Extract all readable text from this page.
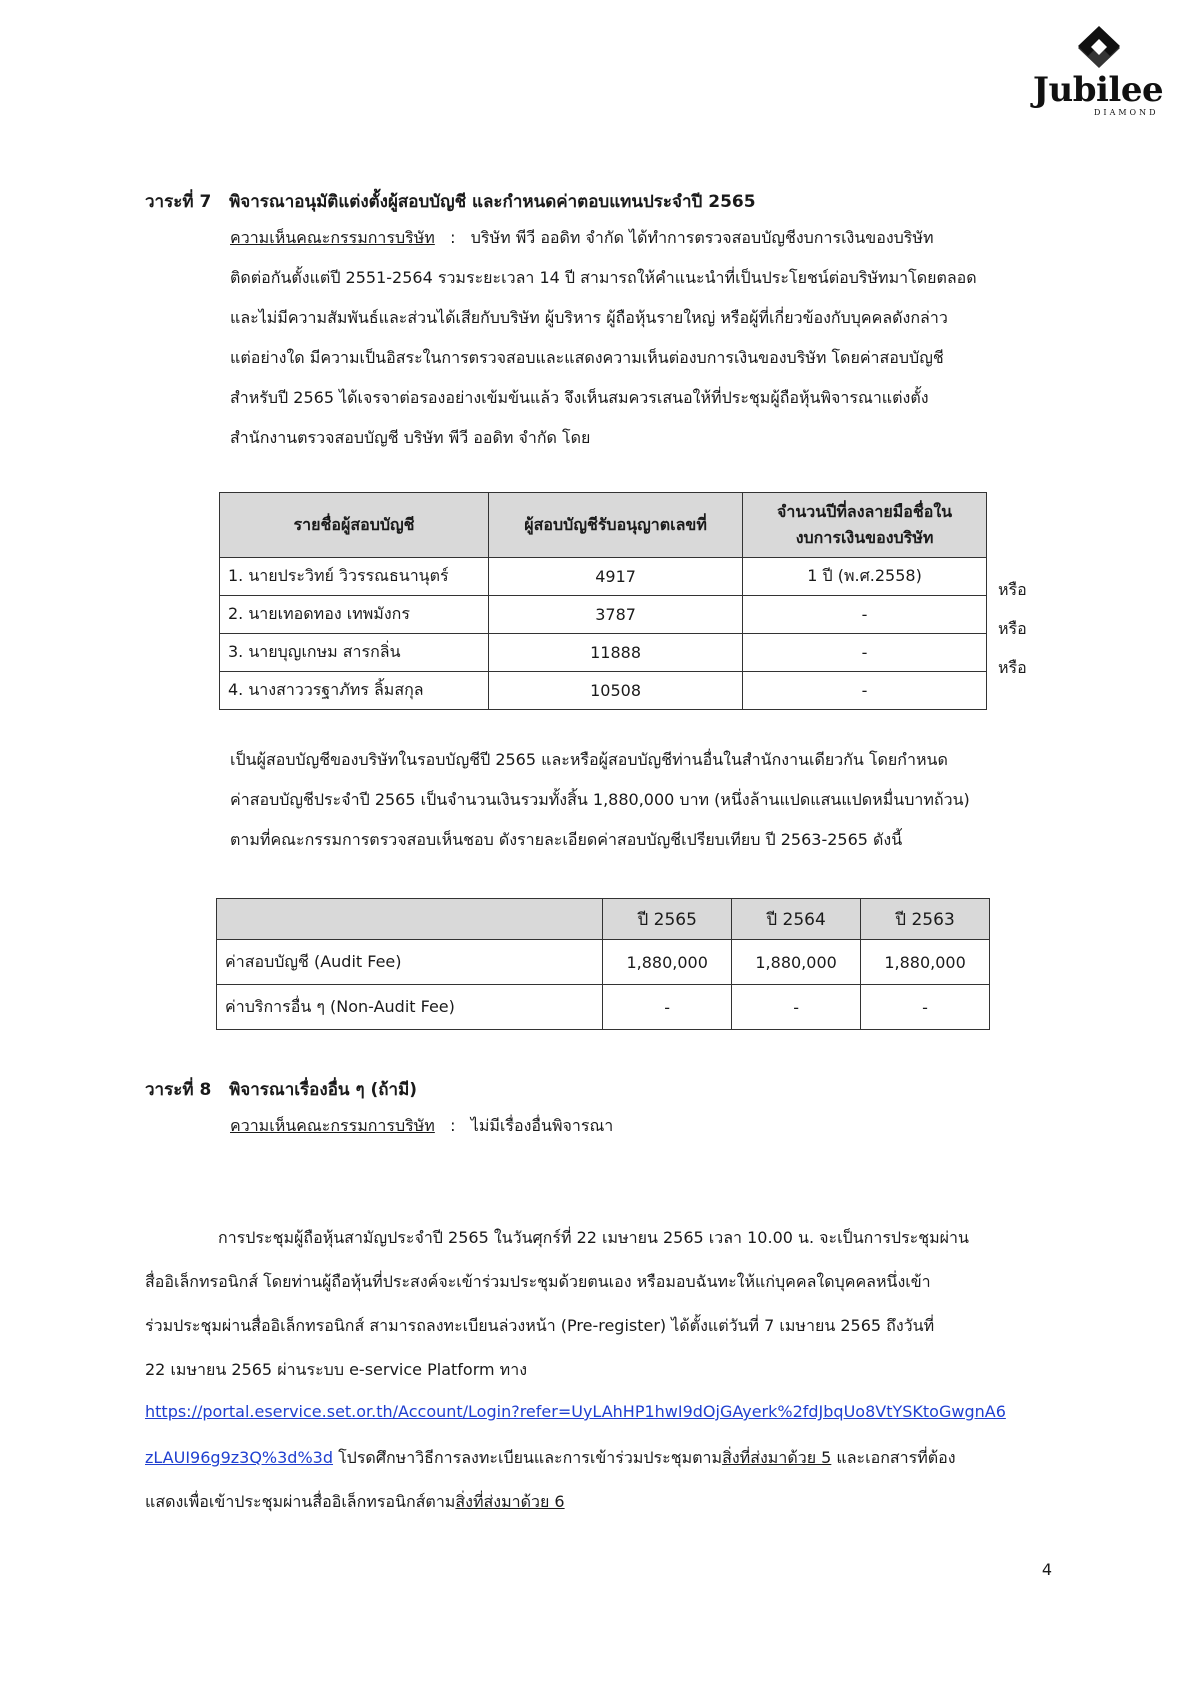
Jubilee
DIAMOND
วาระที่ 7 พิจารณาอนุมัติแต่งตั้งผู้สอบบัญชี และกำหนดค่าตอบแทนประจำปี 2565
ความเห็นคณะกรรมการบริษัท : บริษัท พีวี ออดิท จำกัด ได้ทำการตรวจสอบบัญชีงบการเงินของบริษัท
ติดต่อกันตั้งแต่ปี 2551-2564 รวมระยะเวลา 14 ปี สามารถให้คำแนะนำที่เป็นประโยชน์ต่อบริษัทมาโดยตลอด
และไม่มีความสัมพันธ์และส่วนได้เสียกับบริษัท ผู้บริหาร ผู้ถือหุ้นรายใหญ่ หรือผู้ที่เกี่ยวข้องกับบุคคลดังกล่าว
แต่อย่างใด มีความเป็นอิสระในการตรวจสอบและแสดงความเห็นต่องบการเงินของบริษัท โดยค่าสอบบัญชี
สำหรับปี 2565 ได้เจรจาต่อรองอย่างเข้มข้นแล้ว จึงเห็นสมควรเสนอให้ที่ประชุมผู้ถือหุ้นพิจารณาแต่งตั้ง
สำนักงานตรวจสอบบัญชี บริษัท พีวี ออดิท จำกัด โดย
รายชื่อผู้สอบบัญชี	ผู้สอบบัญชีรับอนุญาตเลขที่	จำนวนปีที่ลงลายมือชื่อใน
งบการเงินของบริษัท
1. นายประวิทย์ วิวรรณธนานุตร์	4917	1 ปี (พ.ศ.2558)
2. นายเทอดทอง เทพมังกร	3787	-
3. นายบุญเกษม สารกลิ่น	11888	-
4. นางสาววรฐาภัทร ลิ้มสกุล	10508	-
หรือ
หรือ
หรือ
เป็นผู้สอบบัญชีของบริษัทในรอบบัญชีปี 2565 และหรือผู้สอบบัญชีท่านอื่นในสำนักงานเดียวกัน โดยกำหนด
ค่าสอบบัญชีประจำปี 2565 เป็นจำนวนเงินรวมทั้งสิ้น 1,880,000 บาท (หนึ่งล้านแปดแสนแปดหมื่นบาทถ้วน)
ตามที่คณะกรรมการตรวจสอบเห็นชอบ ดังรายละเอียดค่าสอบบัญชีเปรียบเทียบ ปี 2563-2565 ดังนี้
	ปี 2565	ปี 2564	ปี 2563
ค่าสอบบัญชี (Audit Fee)	1,880,000	1,880,000	1,880,000
ค่าบริการอื่น ๆ (Non-Audit Fee)	-	-	-
วาระที่ 8 พิจารณาเรื่องอื่น ๆ (ถ้ามี)
ความเห็นคณะกรรมการบริษัท : ไม่มีเรื่องอื่นพิจารณา
การประชุมผู้ถือหุ้นสามัญประจำปี 2565 ในวันศุกร์ที่ 22 เมษายน 2565 เวลา 10.00 น. จะเป็นการประชุมผ่าน
สื่ออิเล็กทรอนิกส์ โดยท่านผู้ถือหุ้นที่ประสงค์จะเข้าร่วมประชุมด้วยตนเอง หรือมอบฉันทะให้แก่บุคคลใดบุคคลหนึ่งเข้า
ร่วมประชุมผ่านสื่ออิเล็กทรอนิกส์ สามารถลงทะเบียนล่วงหน้า (Pre-register) ได้ตั้งแต่วันที่ 7 เมษายน 2565 ถึงวันที่
22 เมษายน 2565 ผ่านระบบ e-service Platform ทาง
https://portal.eservice.set.or.th/Account/Login?refer=UyLAhHP1hwI9dOjGAyerk%2fdJbqUo8VtYSKtoGwgnA6
zLAUI96g9z3Q%3d%3d โปรดศึกษาวิธีการลงทะเบียนและการเข้าร่วมประชุมตามสิ่งที่ส่งมาด้วย 5 และเอกสารที่ต้อง
แสดงเพื่อเข้าประชุมผ่านสื่ออิเล็กทรอนิกส์ตามสิ่งที่ส่งมาด้วย 6
4
